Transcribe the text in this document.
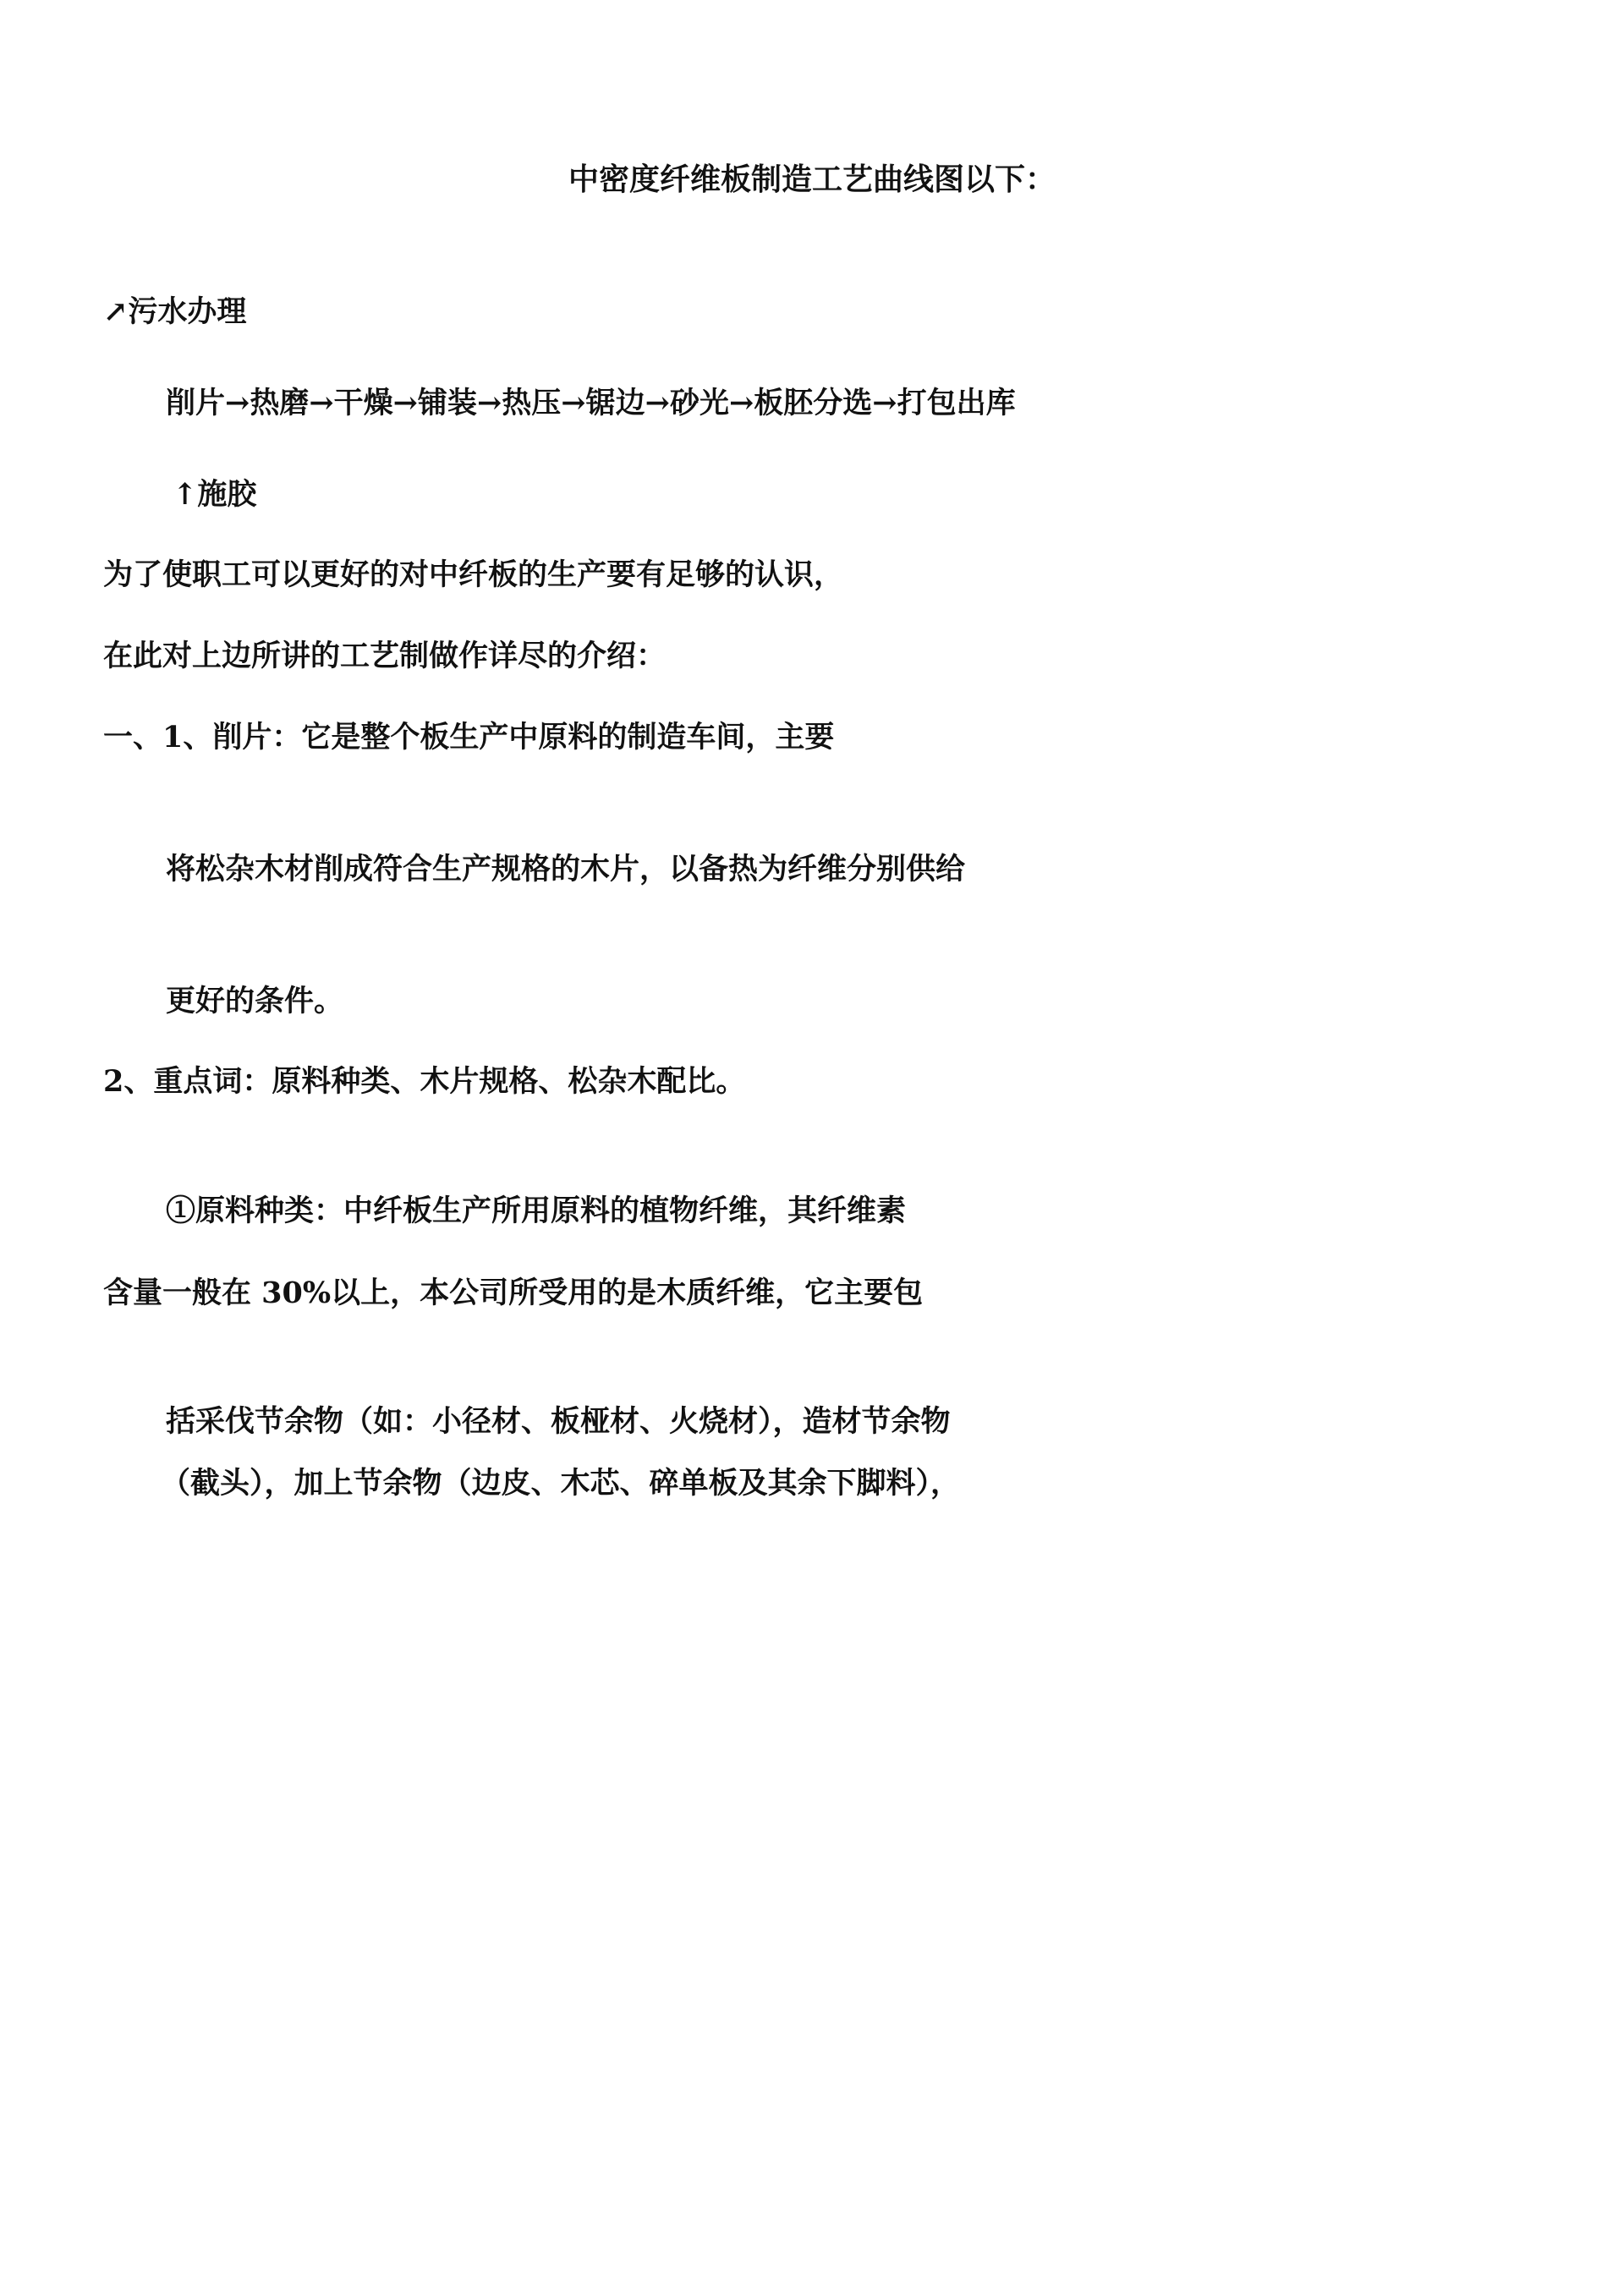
中密度纤维板制造工艺曲线图以下：
↗污水办理
削片→热磨→干燥→铺装→热压→锯边→砂光→板胚分选→打包出库
↑施胶
为了使职工可以更好的对中纤板的生产要有足够的认识，
在此对上边所讲的工艺制做作详尽的介绍：
一、1、削片：它是整个板生产中原料的制造车间，主要
将松杂木材削成符合生产规格的木片，以备热为纤维分别供给
更好的条件。
2、重点词：原料种类、木片规格、松杂木配比。
①原料种类：中纤板生产所用原料的植物纤维，其纤维素
含量一般在 30%以上，本公司所受用的是木质纤维，它主要包
括采伐节余物（如：小径材、板桠材、火烧材），造材节余物
（截头），加上节余物（边皮、木芯、碎单板及其余下脚料），
